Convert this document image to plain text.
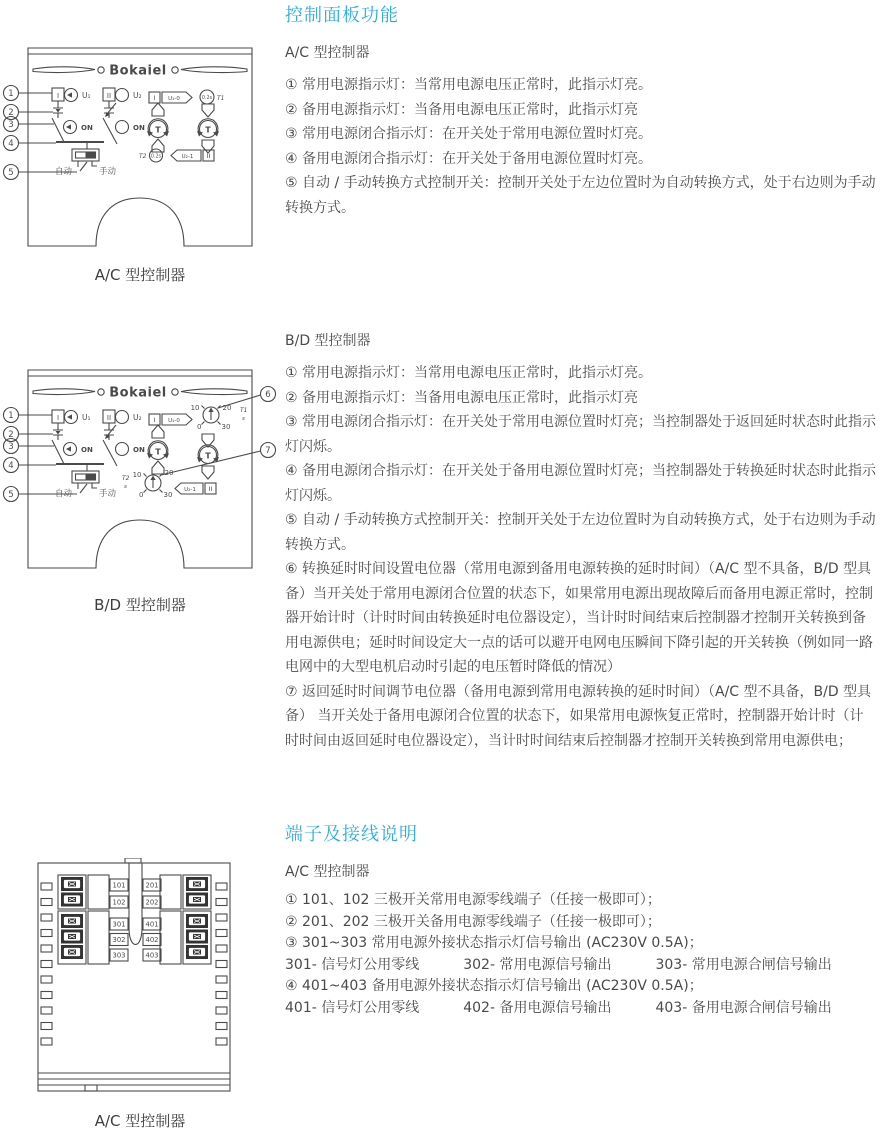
Bokaiel
I	U₁ II	U₂
ON	ON
自动	手动
I U₁-0	0.2s T1
T	T
T2 0.2s	U₂-1 II
1
2
3
4
5
A/C 型控制器
Bokaiel
I	U₁ II	U₂
ON	ON
自动	手动
I U₁-0
10	20
0	30
T1
s
T	T
10	20
0	30
T2
s	U₂-1 II
1
2
3
4
5
6
7
B/D 型控制器
101
102
301
302
303
201
202
401
402
403
A/C 型控制器
控制面板功能
A/C 型控制器

① 常用电源指示灯：当常用电源电压正常时，此指示灯亮。

② 备用电源指示灯：当备用电源电压正常时，此指示灯亮

③ 常用电源闭合指示灯：在开关处于常用电源位置时灯亮。

④ 备用电源闭合指示灯：在开关处于备用电源位置时灯亮。

⑤ 自动 / 手动转换方式控制开关：控制开关处于左边位置时为自动转换方式，处于右边则为手动转换方式。

B/D 型控制器

① 常用电源指示灯：当常用电源电压正常时，此指示灯亮。

② 备用电源指示灯：当备用电源电压正常时，此指示灯亮

③ 常用电源闭合指示灯：在开关处于常用电源位置时灯亮；当控制器处于返回延时状态时此指示灯闪烁。

④ 备用电源闭合指示灯：在开关处于备用电源位置时灯亮；当控制器处于转换延时状态时此指示灯闪烁。

⑤ 自动 / 手动转换方式控制开关：控制开关处于左边位置时为自动转换方式，处于右边则为手动转换方式。

⑥ 转换延时时间设置电位器（常用电源到备用电源转换的延时时间）（A/C 型不具备，B/D 型具备）当开关处于常用电源闭合位置的状态下，如果常用电源出现故障后而备用电源正常时，控制器开始计时（计时时间由转换延时电位器设定），当计时时间结束后控制器才控制开关转换到备用电源供电；延时时间设定大一点的话可以避开电网电压瞬间下降引起的开关转换（例如同一路电网中的大型电机启动时引起的电压暂时降低的情况）

⑦ 返回延时时间调节电位器（备用电源到常用电源转换的延时时间）（A/C 型不具备，B/D 型具备） 当开关处于备用电源闭合位置的状态下，如果常用电源恢复正常时，控制器开始计时（计时时间由返回延时电位器设定），当计时时间结束后控制器才控制开关转换到常用电源供电；

端子及接线说明
A/C 型控制器

① 101、102 三极开关常用电源零线端子（任接一极即可）；

② 201、202 三极开关备用电源零线端子（任接一极即可）；

③ 301~303 常用电源外接状态指示灯信号输出 (AC230V 0.5A)；

301- 信号灯公用零线	302- 常用电源信号输出	303- 常用电源合闸信号输出

④ 401~403 备用电源外接状态指示灯信号输出 (AC230V 0.5A)；

401- 信号灯公用零线	402- 备用电源信号输出	403- 备用电源合闸信号输出
